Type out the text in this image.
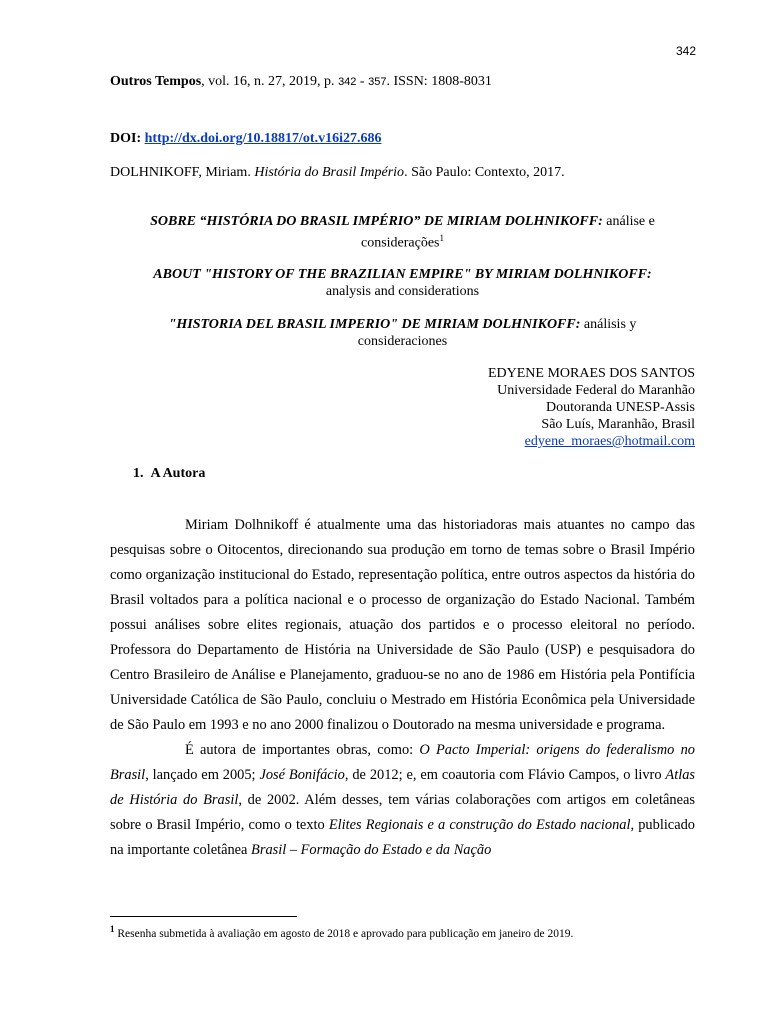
342
Outros Tempos, vol. 16, n. 27, 2019, p. 342 - 357. ISSN: 1808-8031
DOI: http://dx.doi.org/10.18817/ot.v16i27.686
DOLHNIKOFF, Miriam. História do Brasil Império. São Paulo: Contexto, 2017.
SOBRE “HISTÓRIA DO BRASIL IMPÉRIO” DE MIRIAM DOLHNIKOFF: análise e
considerações$^1$
ABOUT "HISTORY OF THE BRAZILIAN EMPIRE" BY MIRIAM DOLHNIKOFF:
analysis and considerations
"HISTORIA DEL BRASIL IMPERIO" DE MIRIAM DOLHNIKOFF: análisis y
consideraciones
EDYENE MORAES DOS SANTOS
Universidade Federal do Maranhão
Doutoranda UNESP-Assis
São Luís, Maranhão, Brasil
edyene_moraes@hotmail.com
1. A Autora

Miriam Dolhnikoff é atualmente uma das historiadoras mais atuantes no campo das pesquisas sobre o Oitocentos, direcionando sua produção em torno de temas sobre o Brasil Império como organização institucional do Estado, representação política, entre outros aspectos da história do Brasil voltados para a política nacional e o processo de organização do Estado Nacional. Também possui análises sobre elites regionais, atuação dos partidos e o processo eleitoral no período. Professora do Departamento de História na Universidade de São Paulo (USP) e pesquisadora do Centro Brasileiro de Análise e Planejamento, graduou-se no ano de 1986 em História pela Pontifícia Universidade Católica de São Paulo, concluiu o Mestrado em História Econômica pela Universidade de São Paulo em 1993 e no ano 2000 finalizou o Doutorado na mesma universidade e programa.

É autora de importantes obras, como: O Pacto Imperial: origens do federalismo no Brasil, lançado em 2005; José Bonifácio, de 2012; e, em coautoria com Flávio Campos, o livro Atlas de História do Brasil, de 2002. Além desses, tem várias colaborações com artigos em coletâneas sobre o Brasil Império, como o texto Elites Regionais e a construção do Estado nacional, publicado na importante coletânea Brasil – Formação do Estado e da Nação

$^1$ Resenha submetida à avaliação em agosto de 2018 e aprovado para publicação em janeiro de 2019.
